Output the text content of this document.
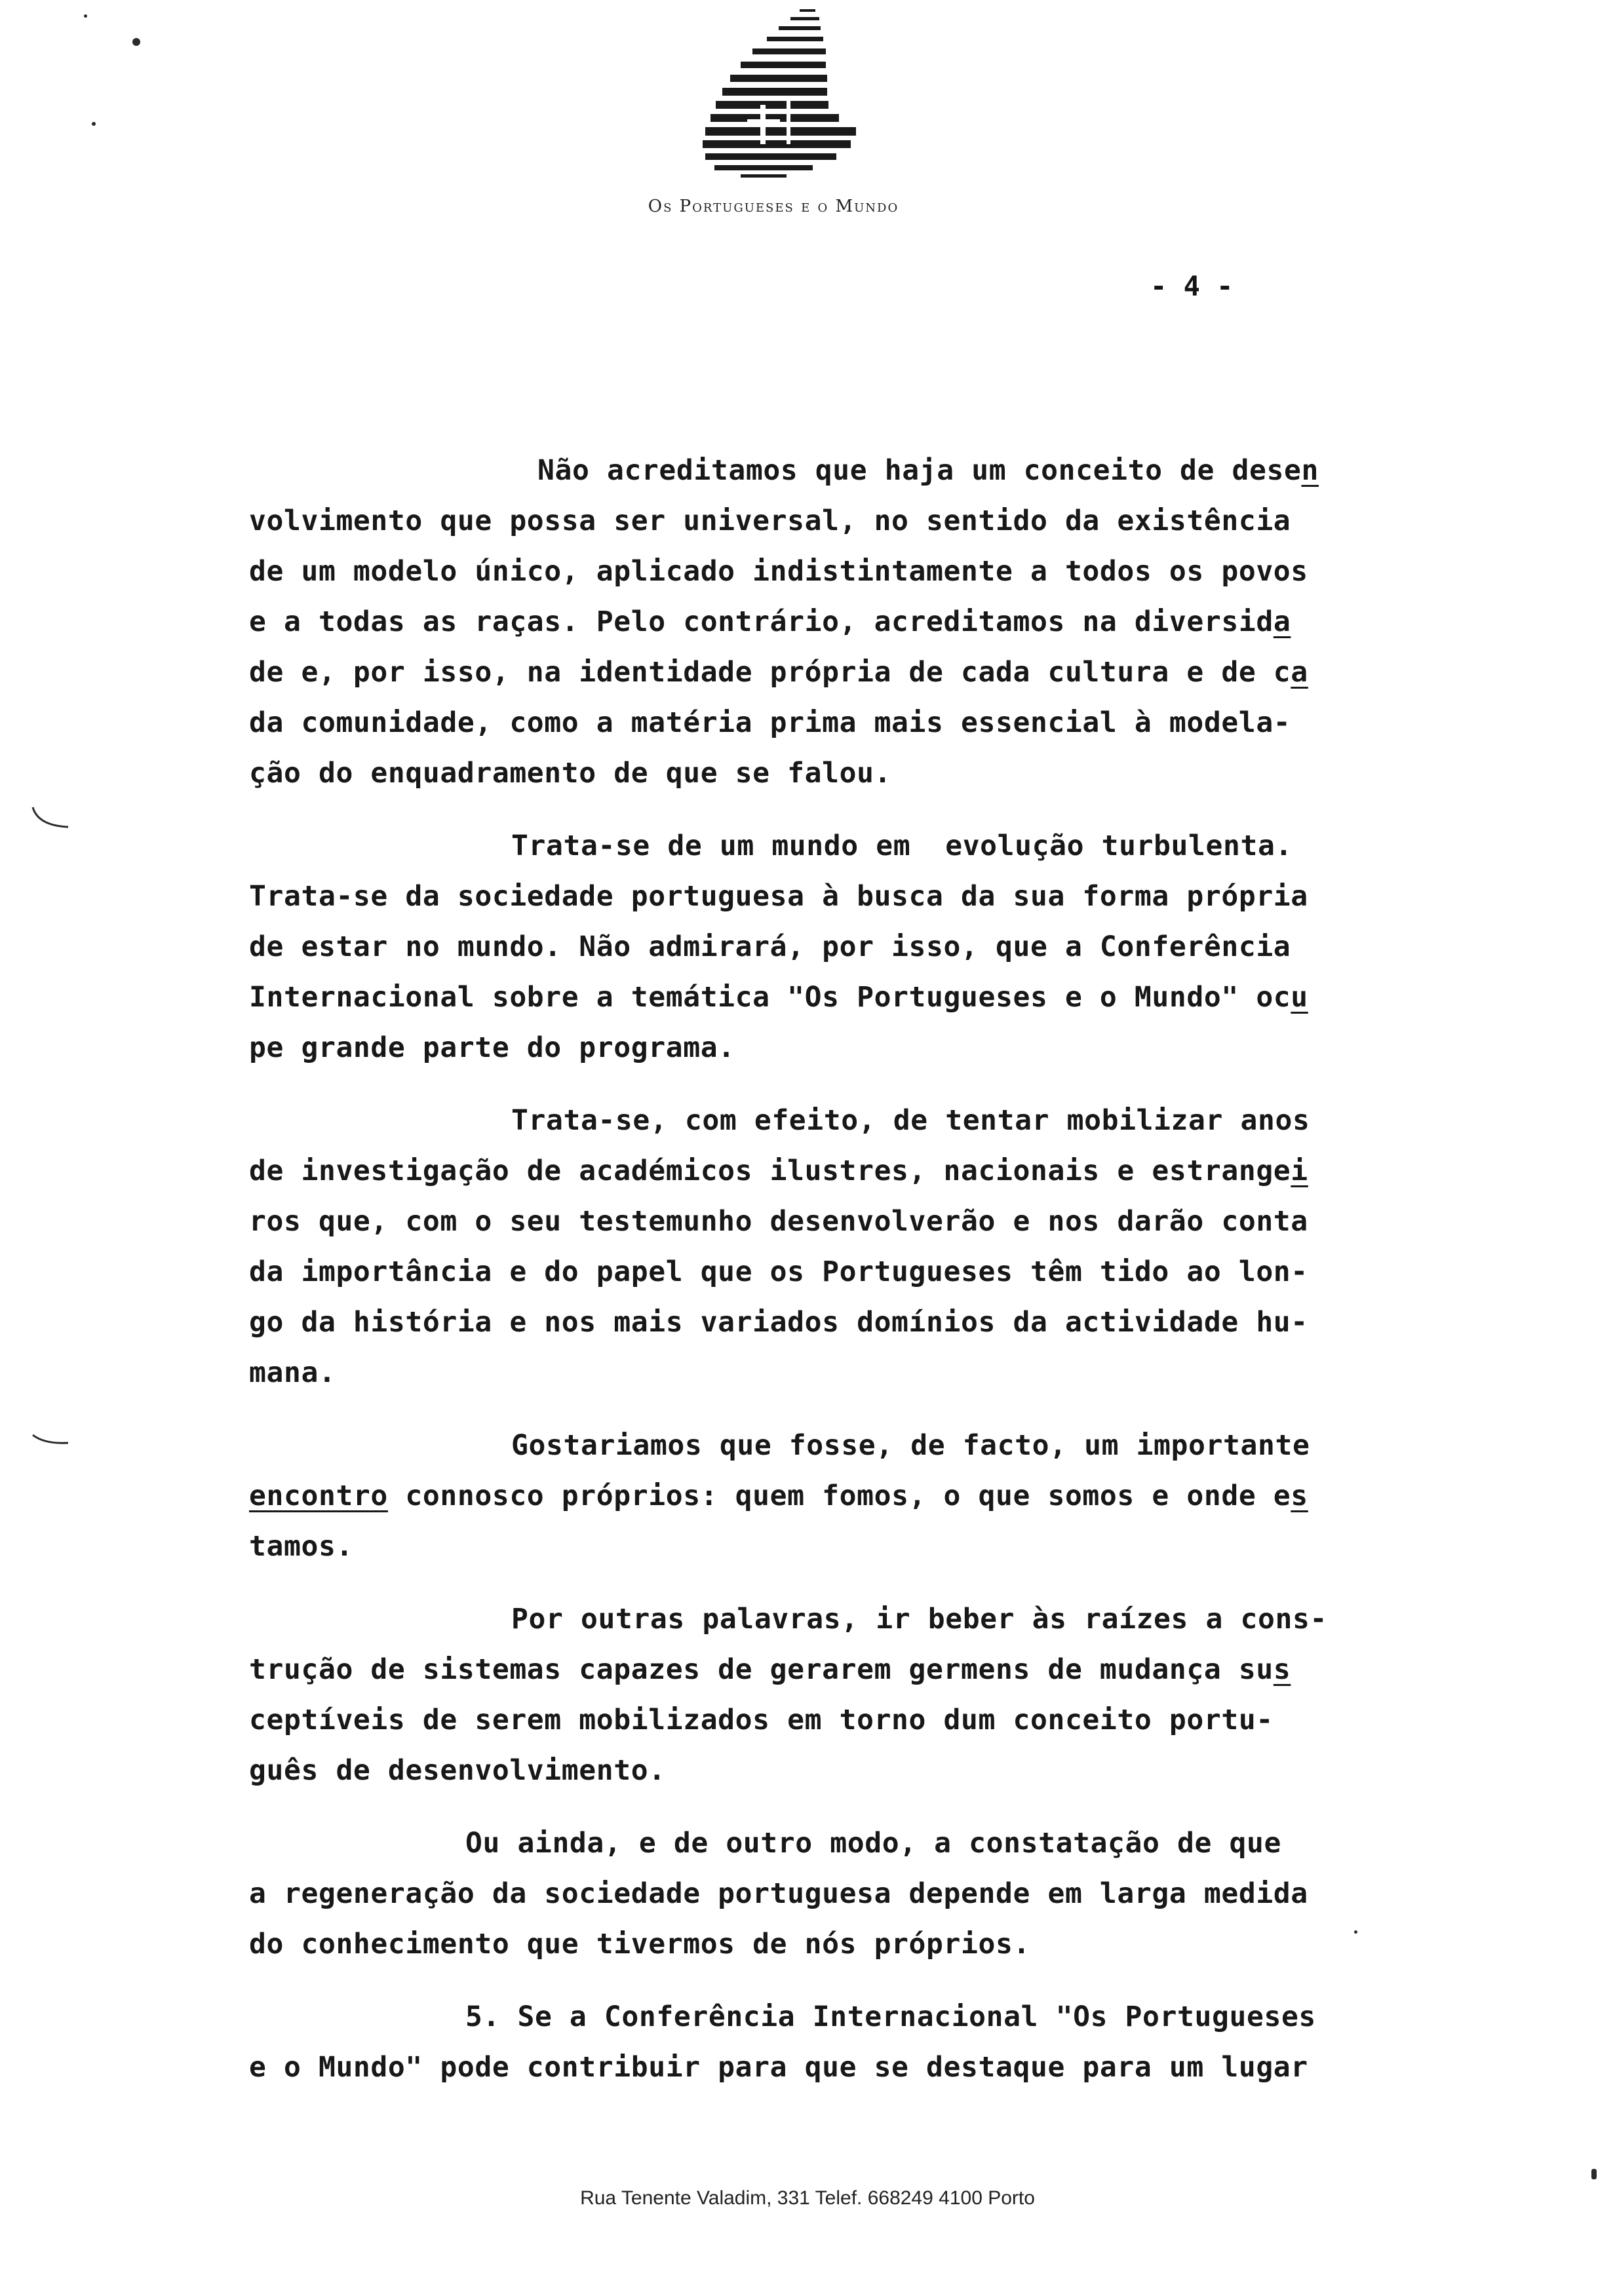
Os Portugueses e o Mundo
- 4 -
Não acreditamos que haja um conceito de desen
volvimento que possa ser universal, no sentido da existência
de um modelo único, aplicado indistintamente a todos os povos
e a todas as raças. Pelo contrário, acreditamos na diversida
de e, por isso, na identidade própria de cada cultura e de ca
da comunidade, como a matéria prima mais essencial à modela-
ção do enquadramento de que se falou.
Trata-se de um mundo em  evolução turbulenta.
Trata-se da sociedade portuguesa à busca da sua forma própria
de estar no mundo. Não admirará, por isso, que a Conferência
Internacional sobre a temática "Os Portugueses e o Mundo" ocu
pe grande parte do programa.
Trata-se, com efeito, de tentar mobilizar anos
de investigação de académicos ilustres, nacionais e estrangei
ros que, com o seu testemunho desenvolverão e nos darão conta
da importância e do papel que os Portugueses têm tido ao lon-
go da história e nos mais variados domínios da actividade hu-
mana.
Gostariamos que fosse, de facto, um importante
encontro connosco próprios: quem fomos, o que somos e onde es
tamos.
Por outras palavras, ir beber às raízes a cons-
trução de sistemas capazes de gerarem germens de mudança sus
ceptíveis de serem mobilizados em torno dum conceito portu-
guês de desenvolvimento.
Ou ainda, e de outro modo, a constatação de que
a regeneração da sociedade portuguesa depende em larga medida
do conhecimento que tivermos de nós próprios.
5. Se a Conferência Internacional "Os Portugueses
e o Mundo" pode contribuir para que se destaque para um lugar
Rua Tenente Valadim, 331 Telef. 668249 4100 Porto
